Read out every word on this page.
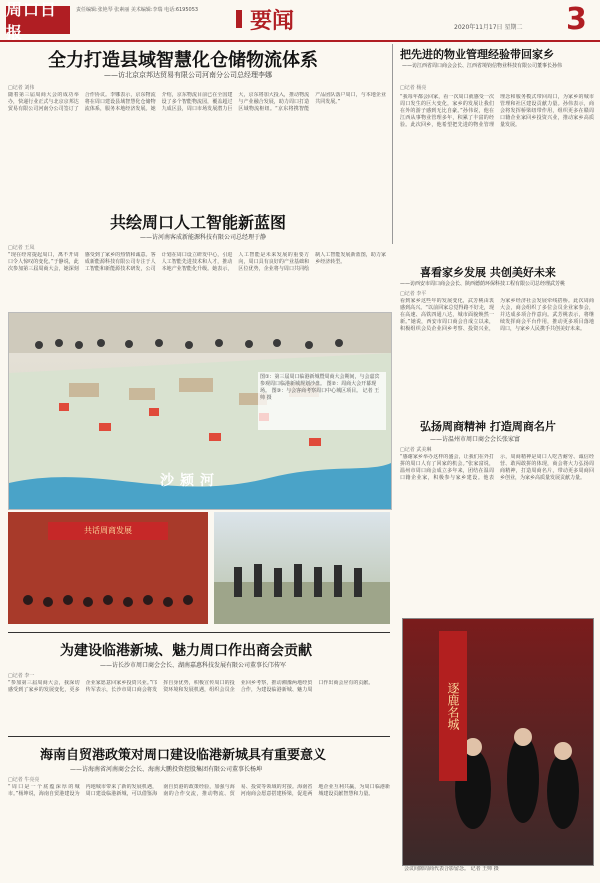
周口日报
责任编辑:张艳琴 张素丽 美术编辑:李瑞 电话:6195053 要闻	2020年11月17日 星期二 3
全力打造县域智慧化仓储物流体系
——访北京京邦达贸易有限公司河南分公司总经理李娜
□记者 刘伟
随着第三届周商大会的成功举办，快递行业正式与北京京邦达贸易有限公司河南分公司签订了合作协议。李娜表示，京东物流将在周口建设县域智慧化仓储物流体系，服务本地经济发展。她介绍，京东物流目前已在全国建设了多个智能物流园，覆盖超过九成区县，周口市场发展潜力巨大，京东将加大投入，推动物流与产业融合发展，助力周口打造区域物流枢纽。“京东将携智能产品团队落户周口，与本地企业共同发展。”
把先进的物业管理经验带回家乡
——访江西省周口商会会长、江西省境钧信物业科技有限公司董事长孙伟
□记者 杨亮
“我每年都会回家，看一次周口就感受一次周口发生的巨大变化，家乡的发展让我们在外的游子感到无比自豪。”孙伟说，他在江西从事物业管理多年，积累了丰富的经验。此次回乡，他希望把先进的物业管理理念和服务模式带回周口，为家乡的城市管理和社区建设贡献力量。孙伟表示，商会将发挥桥梁纽带作用，组织更多在赣周口籍企业家回乡投资兴业，推动家乡高质量发展。
共绘周口人工智能新蓝图
——访河南客成新能源科技有限公司总经理于静
□记者 王凤
“现在经常提起周口，离不开周口令人惊叹的变化。”于静说，此次参加第三届周商大会，她深刻感受到了家乡的热情和诚意。客成新能源科技有限公司专注于人工智能和新能源技术研发，公司计划在周口设立研发中心，引进人工智能先进技术和人才，推动本地产业智能化升级。她表示，人工智能是未来发展的重要方向，周口具有良好的产业基础和区位优势，企业将与周口共同绘制人工智能发展新蓝图，助力家乡经济转型。
喜看家乡发展 共创美好未来
——访西安市周口商会会长、陕西德荫环保科技工程有限公司总经理武芳桃
□记者 李平
看到家乡这些年的发展变化，武芳桃由衷感到高兴。“以前回家总觉得路不好走，现在高速、高铁四通八达，城市面貌焕然一新。”她说，西安市周口商会自成立以来，积极组织会员企业回乡考察、投资兴业，为家乡经济社会发展牵线搭桥。此次周商大会，商会组织了多位会员企业家参会，并达成多项合作意向。武芳桃表示，将继续发挥商会平台作用，推动更多项目落地周口，与家乡人民携手共创美好未来。
沙颍河
图①：第三届周口临港新城暨周商大会期间，与会嘉宾参观周口临港新城规划沙盘。 图②：周商大会开幕现场。 图③：与会客商考察周口中心城区项目。 记者 王帅 摄
弘扬周商精神 打造周商名片
——访温州市周口商会会长张家富
□记者 武美琳
“感谢家乡举办这样的盛会，让我们在外打拼的周口人有了回家的机会。”张家富说，温州市周口商会成立多年来，团结在温周口籍企业家，积极参与家乡建设。他表示，周商精神是周口人吃苦耐劳、诚信经营、敢闯敢拼的体现，商会将大力弘扬周商精神，打造周商名片，带动更多周商回乡创业，为家乡高质量发展贡献力量。
共话周商发展
为建设临港新城、魅力周口作出商会贡献
——访长沙市周口商会会长、湖南嘉惠科技发展有限公司董事长邝传军
□记者 李一
“参加第三届周商大会，我深切感受到了家乡的发展变化，更多企业家愿意回家乡投资兴业。”邝传军表示，长沙市周口商会将发挥自身优势，积极宣传周口的投资环境和发展机遇，组织会员企业回乡考察，推动湘豫两地经贸合作，为建设临港新城、魅力周口作出商会应有的贡献。
海南自贸港政策对周口建设临港新城具有重要意义
——访海南省河南商会会长、海南大鹏投资控股集团有限公司董事长杨坤
□记者 牛亮亮
“周口是一个底蕴深厚的城市。”杨坤说，海南自贸港建设为内地城市带来了新的发展机遇，周口建设临港新城，可以借鉴海南自贸港的政策经验，加强与海南的合作交流，推动物流、贸易、投资等领域的对接。海南省河南商会愿意搭建桥梁，促进两地企业互利共赢，为周口临港新城建设贡献智慧和力量。
逐鹿名城
会议间隙周商代表合影留念。 记者 王帅 摄
